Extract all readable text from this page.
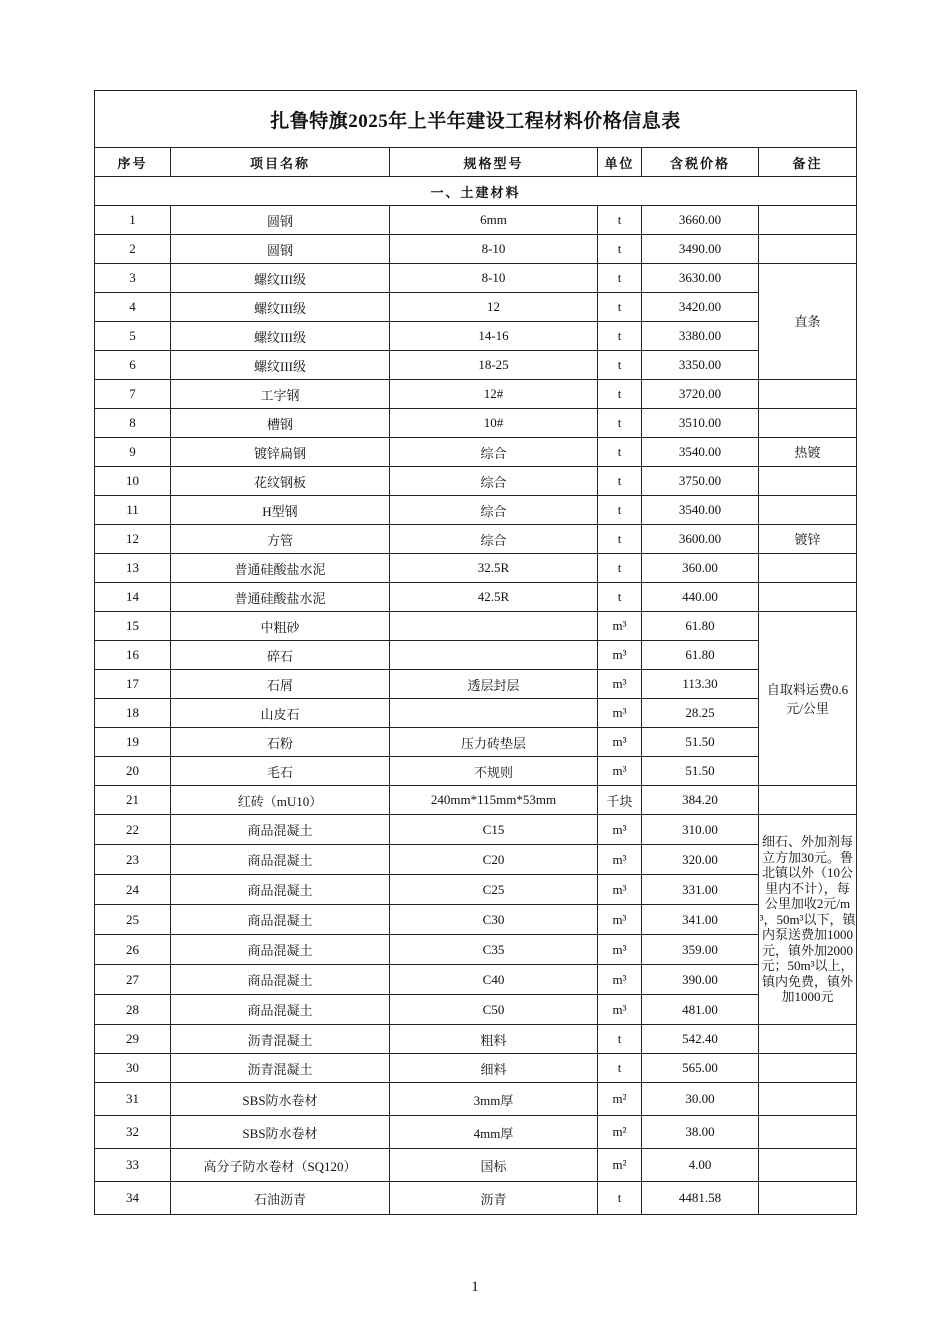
扎鲁特旗2025年上半年建设工程材料价格信息表					
序号	项目名称	规格型号	单位	含税价格	备注
一、土建材料					
1	圆钢	6mm	t	3660.00	
2	圆钢	8-10	t	3490.00	
3	螺纹III级	8-10	t	3630.00	直条
4	螺纹III级	12	t	3420.00	
5	螺纹III级	14-16	t	3380.00	
6	螺纹III级	18-25	t	3350.00	
7	工字钢	12#	t	3720.00	
8	槽钢	10#	t	3510.00	
9	镀锌扁钢	综合	t	3540.00	热镀
10	花纹钢板	综合	t	3750.00	
11	H型钢	综合	t	3540.00	
12	方管	综合	t	3600.00	镀锌
13	普通硅酸盐水泥	32.5R	t	360.00	
14	普通硅酸盐水泥	42.5R	t	440.00	
15	中粗砂		m³	61.80	自取料运费0.6元/公里
16	碎石		m³	61.80	
17	石屑	透层封层	m³	113.30	
18	山皮石		m³	28.25	
19	石粉	压力砖垫层	m³	51.50	
20	毛石	不规则	m³	51.50	
21	红砖（mU10）	240mm*115mm*53mm	千块	384.20	
22	商品混凝土	C15	m³	310.00	细石、外加剂每立方加30元。鲁北镇以外（10公里内不计），每公里加收2元/m³，50m³以下，镇内泵送费加1000元，镇外加2000元；50m³以上，镇内免费，镇外加1000元
23	商品混凝土	C20	m³	320.00	
24	商品混凝土	C25	m³	331.00	
25	商品混凝土	C30	m³	341.00	
26	商品混凝土	C35	m³	359.00	
27	商品混凝土	C40	m³	390.00	
28	商品混凝土	C50	m³	481.00	
29	沥青混凝土	粗料	t	542.40	
30	沥青混凝土	细料	t	565.00	
31	SBS防水卷材	3mm厚	m²	30.00	
32	SBS防水卷材	4mm厚	m²	38.00	
33	高分子防水卷材（SQ120）	国标	m²	4.00	
34	石油沥青	沥青	t	4481.58	
1
